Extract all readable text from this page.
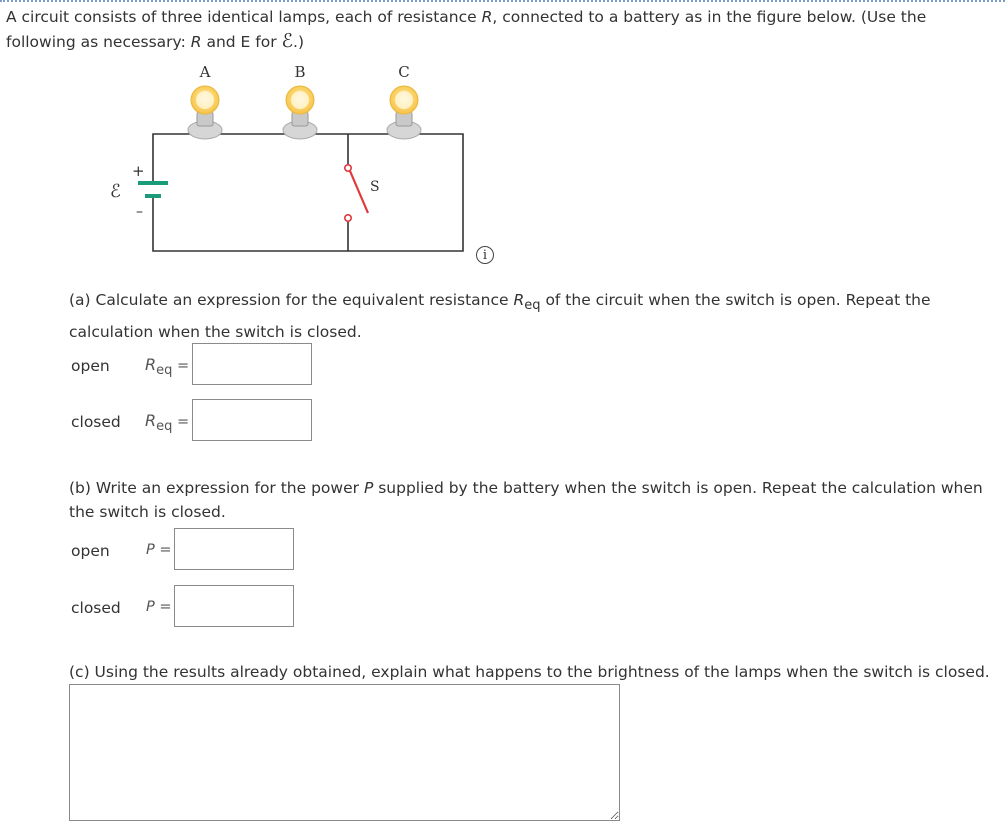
A circuit consists of three identical lamps, each of resistance R, connected to a battery as in the figure below. (Use the following as necessary: R and E for ℰ.)
A	B	C
+
–
ℰ	S
i
(a) Calculate an expression for the equivalent resistance $R_{eq}$ of the circuit when the switch is open. Repeat the calculation when the switch is closed.
open $R_{eq}$ =
closed $R_{eq}$ =
(b) Write an expression for the power P supplied by the battery when the switch is open. Repeat the calculation when the switch is closed.
open	P =
closed P =
(c) Using the results already obtained, explain what happens to the brightness of the lamps when the switch is closed.
